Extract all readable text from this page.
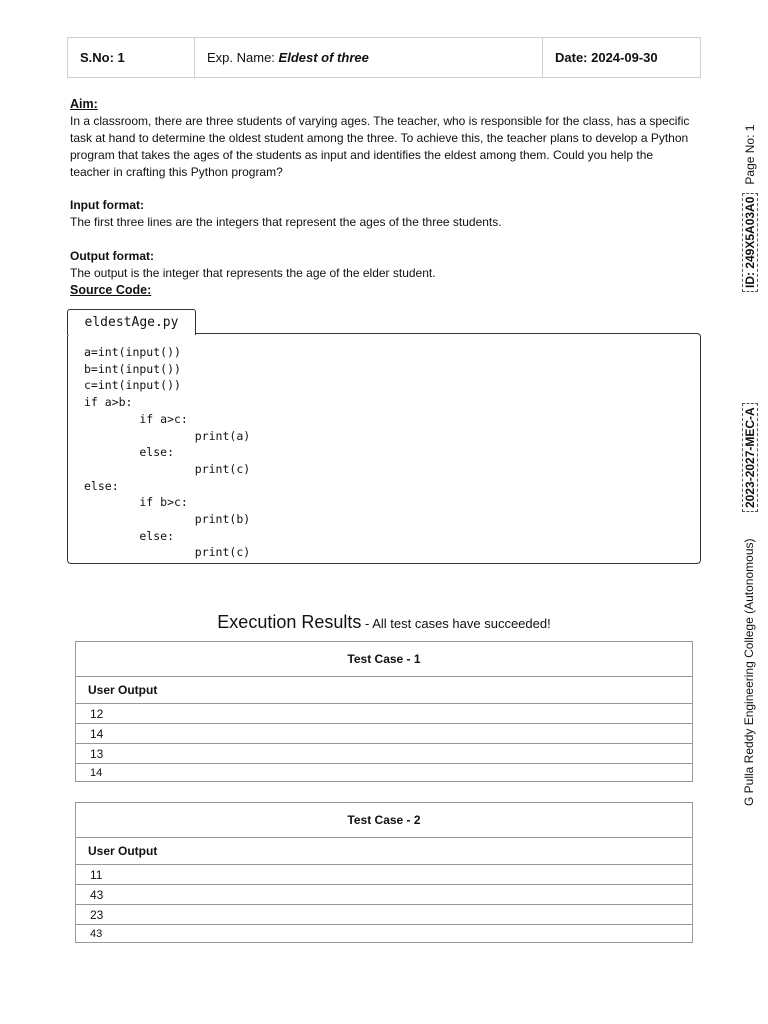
S.No: 1	Exp. Name:
Eldest of three	Date: 2024-09-30
Aim:
In a classroom, there are three students of varying ages. The teacher, who is responsible for the class, has a specific task at hand to determine the oldest student among the three. To achieve this, the teacher plans to develop a Python program that takes the ages of the students as input and identifies the eldest among them. Could you help the teacher in crafting this Python program?
Input format:
The first three lines are the integers that represent the ages of the three students.
Output format:
The output is the integer that represents the age of the elder student.
Source Code:
eldestAge.py
a=int(input())
b=int(input())
c=int(input())
if a>b:
if a>c:
print(a)
else:
print(c)
else:
if b>c:
print(b)
else:
print(c)
Execution Results - All test cases have succeeded!
Test Case - 1
User Output
12
14
13
14
Test Case - 2
User Output
11
43
23
43
ID: 249X5A03A0
Page No: 1
2023-2027-MEC-A
G Pulla Reddy Engineering College (Autonomous)
